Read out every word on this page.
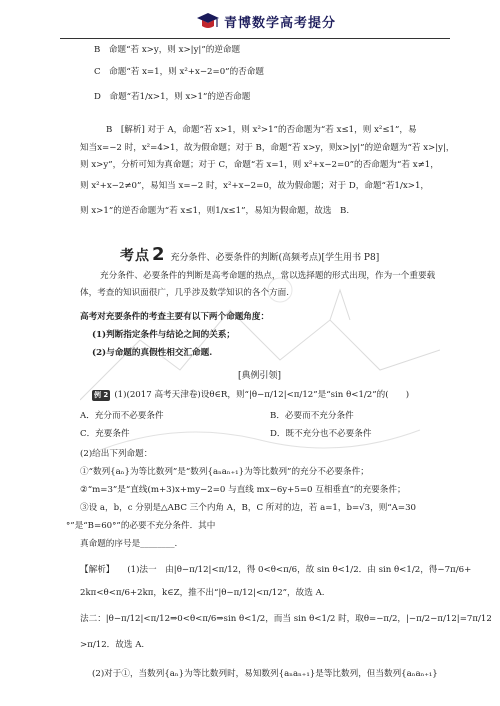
青博数学高考提分
B　命题“若 x>y，则 x>|y|”的逆命题
C　命题“若 x=1，则 x²+x−2=0”的否命题
D　命题“若1/x>1，则 x>1”的逆否命题
B　[解析] 对于 A，命题“若 x>1，则 x²>1”的否命题为“若 x≤1，则 x²≤1”，易
知当x=−2 时，x²=4>1，故为假命题；对于 B，命题“若 x>y，则x>|y|”的逆命题为“若 x>|y|，
则 x>y”，分析可知为真命题；对于 C，命题“若 x=1，则 x²+x−2=0”的否命题为“若 x≠1，
则 x²+x−2≠0”，易知当 x=−2 时，x²+x−2=0，故为假命题；对于 D，命题“若1/x>1，
则 x>1”的逆否命题为“若 x≤1，则1/x≤1”，易知为假命题，故选　B.
考点 2 充分条件、必要条件的判断(高频考点)[学生用书 P8]
充分条件、必要条件的判断是高考命题的热点，常以选择题的形式出现，作为一个重要载
体，考查的知识面很广，几乎涉及数学知识的各个方面.
高考对充要条件的考查主要有以下两个命题角度：
(1)判断指定条件与结论之间的关系；
(2)与命题的真假性相交汇命题.
[典例引领]
例 2 (1)(2017 高考天津卷)设θ∈R，则“|θ−π/12|<π/12”是“sin θ<1/2”的(　　)
A．充分而不必要条件	B．必要而不充分条件
C．充要条件	D．既不充分也不必要条件
(2)给出下列命题：
①“数列{aₙ}为等比数列”是“数列{aₙaₙ₊₁}为等比数列”的充分不必要条件；
②“m=3”是“直线(m+3)x+my−2=0 与直线 mx−6y+5=0 互相垂直”的充要条件；
③设 a，b，c 分别是△ABC 三个内角 A，B，C 所对的边，若 a=1，b=√3，则“A=30
°”是“B=60°”的必要不充分条件．其中
真命题的序号是________.
【解析】　　(1)法一　由|θ−π/12|<π/12，得 0<θ<π/6，故 sin θ<1/2．由 sin θ<1/2，得−7π/6+
2kπ<θ<π/6+2kπ，k∈Z，推不出“|θ−π/12|<π/12”，故选 A.
法二：|θ−π/12|<π/12⇒0<θ<π/6⇒sin θ<1/2，而当 sin θ<1/2 时，取θ=−π/2，|−π/2−π/12|=7π/12
>π/12．故选 A.
(2)对于①，当数列{aₙ}为等比数列时，易知数列{aₙaₙ₊₁}是等比数列，但当数列{aₙaₙ₊₁}
